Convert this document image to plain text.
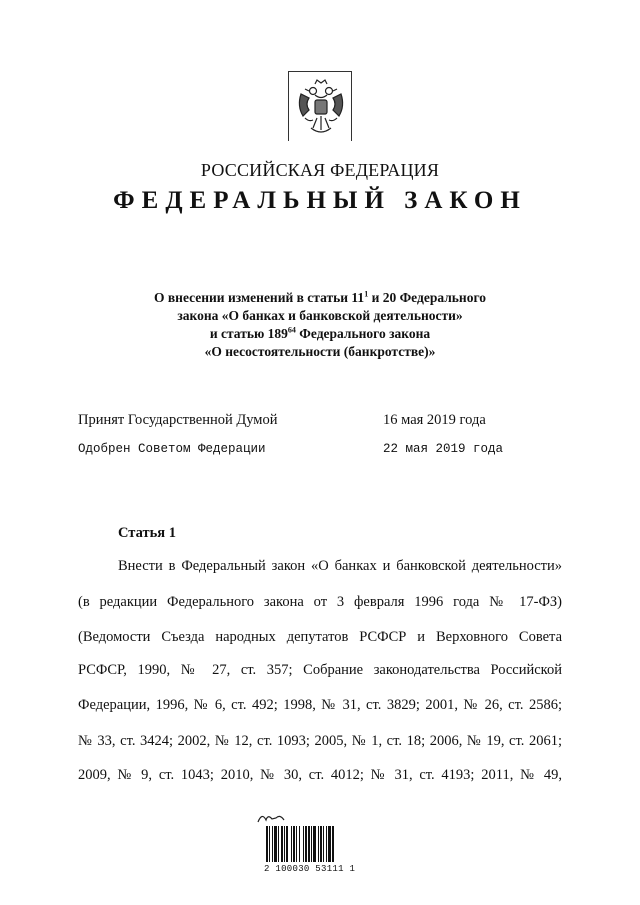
РОССИЙСКАЯ ФЕДЕРАЦИЯ
ФЕДЕРАЛЬНЫЙ ЗАКОН
О внесении изменений в статьи $11^1$ и 20 Федерального
закона «О банках и банковской деятельности»
и статью $189^{64}$ Федерального закона
«О несостоятельности (банкротстве)»
Принят Государственной Думой	16 мая 2019 года
Одобрен Советом Федерации	22 мая 2019 года
Статья 1
Внести в Федеральный закон «О банках и банковской деятельности»
(в редакции Федерального закона от 3 февраля 1996 года № 17-ФЗ)
(Ведомости Съезда народных депутатов РСФСР и Верховного Совета
РСФСР, 1990, № 27, ст. 357; Собрание законодательства Российской
Федерации, 1996, № 6, ст. 492; 1998, № 31, ст. 3829; 2001, № 26, ст. 2586;
№ 33, ст. 3424; 2002, № 12, ст. 1093; 2005, № 1, ст. 18; 2006, № 19, ст. 2061;
2009, № 9, ст. 1043; 2010, № 30, ст. 4012; № 31, ст. 4193; 2011, № 49,
2 100030 53111 1
